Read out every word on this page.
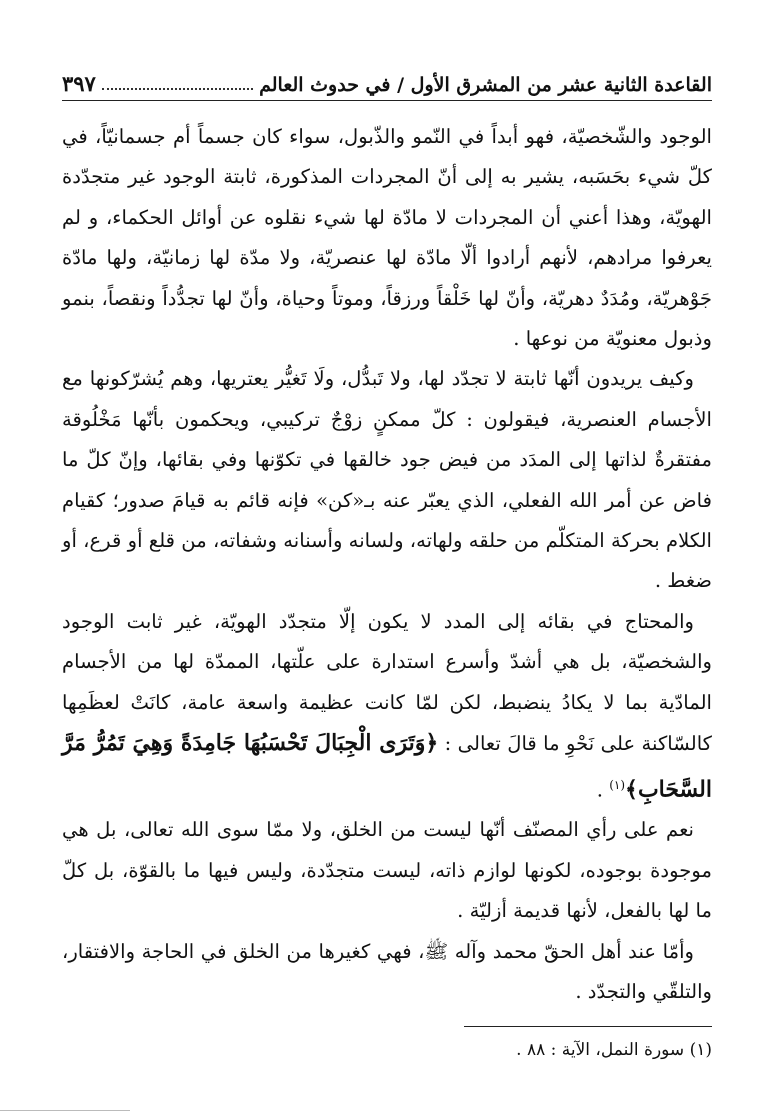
القاعدة الثانية عشر من المشرق الأول / في حدوث العالم
٣٩٧

الوجود والشّخصيّة، فهو أبداً في النّمو والذّبول، سواء كان جسماً أم جسمانيّاً، في كلّ شيء بحَسَبه، يشير به إلى أنّ المجردات المذكورة، ثابتة الوجود غير متجدّدة الهويّة، وهذا أعني أن المجردات لا مادّة لها شيء نقلوه عن أوائل الحكماء، و لم يعرفوا مرادهم، لأنهم أرادوا ألّا مادّة لها عنصريّة، ولا مدّة لها زمانيّة، ولها مادّة جَوْهريّة، ومُدَدٌ دهريّة، وأنّ لها خَلْقاً ورزقاً، وموتاً وحياة، وأنّ لها تجدُّداً ونقصاً، بنمو وذبول معنويّة من نوعها .

وكيف يريدون أنّها ثابتة لا تجدّد لها، ولا تَبدُّل، ولَا تَغيُّر يعتريها، وهم يُشرّكونها مع الأجسام العنصرية، فيقولون : كلّ ممكنٍ زوْجٌ تركيبي، ويحكمون بأنّها مَخْلُوقة مفتقرةٌ لذاتها إلى المدَد من فيض جود خالقها في تكوّنها وفي بقائها، وإنّ كلّ ما فاض عن أمر الله الفعلي، الذي يعبّر عنه بـ«كن» فإنه قائم به قيامَ صدور؛ كقيام الكلام بحركة المتكلّم من حلقه ولهاته، ولسانه وأسنانه وشفاته، من قلع أو قرع، أو ضغط .

والمحتاج في بقائه إلى المدد لا يكون إلّا متجدّد الهويّة، غير ثابت الوجود والشخصيّة، بل هي أشدّ وأسرع استدارة على علّتها، الممدّة لها من الأجسام المادّية بما لا يكادُ ينضبط، لكن لمّا كانت عظيمة واسعة عامة، كانَتْ لعظَمِها كالسّاكنة على نَحْوِ ما قالَ تعالى : ﴿وَتَرَى الْجِبَالَ تَحْسَبُهَا جَامِدَةً وَهِيَ تَمُرُّ مَرَّ السَّحَابِ﴾$^{(١)}$ .

نعم على رأي المصنّف أنّها ليست من الخلق، ولا ممّا سوى الله تعالى، بل هي موجودة بوجوده، لكونها لوازم ذاته، ليست متجدّدة، وليس فيها ما بالقوّة، بل كلّ ما لها بالفعل، لأنها قديمة أزليّة .

وأمّا عند أهل الحقّ محمد وآله ﷺ، فهي كغيرها من الخلق في الحاجة والافتقار، والتلقّي والتجدّد .

(١) سورة النمل، الآية : ٨٨ .
